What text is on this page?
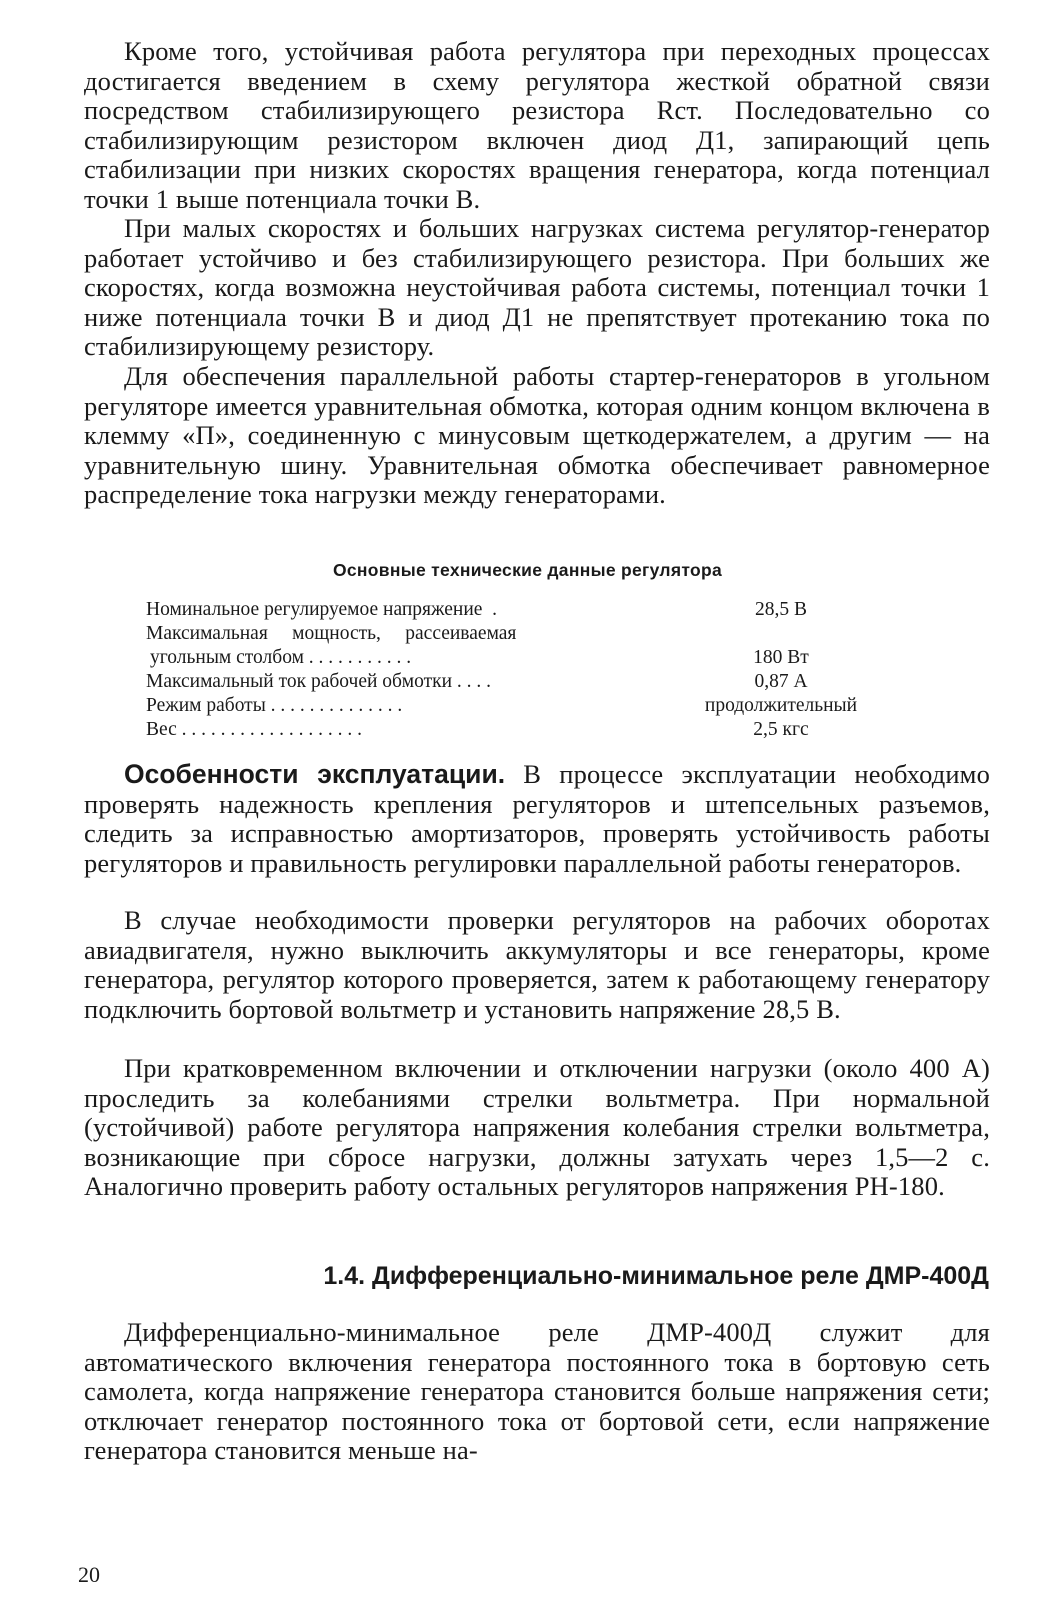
Кроме того, устойчивая работа регулятора при переходных процессах достигается введением в схему регулятора жесткой обратной связи посредством стабилизирующего резистора Rст. Последовательно со стабилизирующим резистором включен диод Д1, запирающий цепь стабилизации при низких скоростях вращения генератора, когда потенциал точки 1 выше потенциала точки В.

При малых скоростях и больших нагрузках система регулятор-генератор работает устойчиво и без стабилизирующего резистора. При больших же скоростях, когда возможна неустойчивая работа системы, потенциал точки 1 ниже потенциала точки В и диод Д1 не препятствует протеканию тока по стабилизирующему резистору.

Для обеспечения параллельной работы стартер-генераторов в угольном регуляторе имеется уравнительная обмотка, которая одним концом включена в клемму «П», соединенную с минусовым щеткодержателем, а другим — на уравнительную шину. Уравнительная обмотка обеспечивает равномерное распределение тока нагрузки между генераторами.

Основные технические данные регулятора
Номинальное регулируемое напряжение  .	28,5 В
Максимальная     мощность,     рассеиваемая
угольным столбом . . . . . . . . . . .	180 Вт
Максимальный ток рабочей обмотки . . . .	0,87 А
Режим работы . . . . . . . . . . . . . .	продолжительный
Вес . . . . . . . . . . . . . . . . . . .	2,5 кгс

Особенности эксплуатации. В процессе эксплуатации необходимо проверять надежность крепления регуляторов и штепсельных разъемов, следить за исправностью амортизаторов, проверять устойчивость работы регуляторов и правильность регулировки параллельной работы генераторов.

В случае необходимости проверки регуляторов на рабочих оборотах авиадвигателя, нужно выключить аккумуляторы и все генераторы, кроме генератора, регулятор которого проверяется, затем к работающему генератору подключить бортовой вольтметр и установить напряжение 28,5 В.

При кратковременном включении и отключении нагрузки (около 400 А) проследить за колебаниями стрелки вольтметра. При нормальной (устойчивой) работе регулятора напряжения колебания стрелки вольтметра, возникающие при сбросе нагрузки, должны затухать через 1,5—2 с. Аналогично проверить работу остальных регуляторов напряжения РН-180.

1.4. Дифференциально-минимальное реле ДМР-400Д

Дифференциально-минимальное реле ДМР-400Д служит для автоматического включения генератора постоянного тока в бортовую сеть самолета, когда напряжение генератора становится больше напряжения сети; отключает генератор постоянного тока от бортовой сети, если напряжение генератора становится меньше на-

20
